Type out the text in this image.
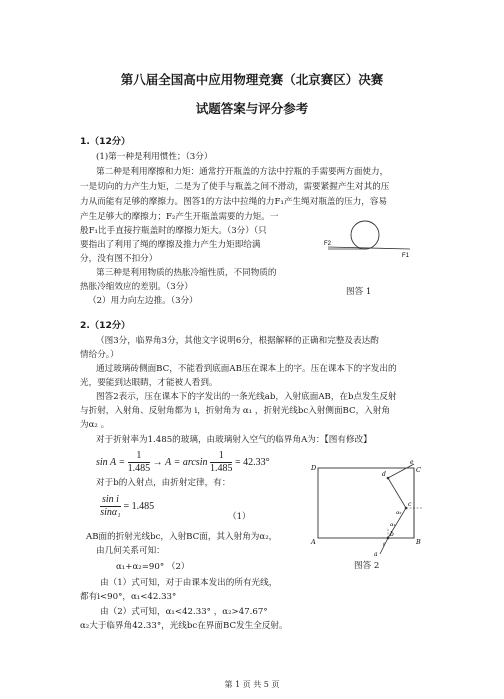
第八届全国高中应用物理竞赛（北京赛区）决赛
试题答案与评分参考
1.（12分）
(1)第一种是利用惯性；（3分）
第二种是利用摩擦和力矩：通常拧开瓶盖的方法中拧瓶的手需要两方面使力，
一是切向的力产生力矩，二是为了使手与瓶盖之间不滑动，需要紧握产生对其的压
力从而能有足够的摩擦力。图答1的方法中拉绳的力F₁产生绳对瓶盖的压力，容易
产生足够大的摩擦力；F₂产生开瓶盖需要的力矩。一
般F₁比手直接拧瓶盖时的摩擦力矩大。（3分）（只
要指出了利用了绳的摩擦及推力产生力矩即给满
分，没有图不扣分）
第三种是利用物质的热胀冷缩性质，不同物质的
热胀冷缩效应的差别。（3分）
（2）用力向左边推。（3分）
F2
F1
图答 1
2.（12分）
（图3分，临界角3分，其他文字说明6分，根据解释的正确和完整及表达酌
情给分。）
通过玻璃砖侧面BC，不能看到底面AB压在课本上的字。压在课本下的字发出的
光，要能到达眼睛，才能被人看到。
图答2表示，压在课本下的字发出的一条光线ab，入射底面AB，在b点发生反射
与折射，入射角、反射角都为 i，折射角为 α₁ ，折射光线bc入射侧面BC，入射角
为α₂ 。
对于折射率为1.485的玻璃，由玻璃射入空气的临界角A为：【图有修改】
$\sin A = \frac{1}{1.485} \to A = \arcsin \frac{1}{1.485} = 42.33^\circ$
对于b的入射点，由折射定律，有：
$\frac{\text{sin i}}{\text{sinα₁}} = 1.485$
（1）
AB面的折射光线bc，入射BC面，其入射角为α₂，
由几何关系可知：
α₁+α₂=90° （2）
由（1）式可知，对于由课本发出的所有光线，
都有i<90°，α₁<42.33°
由（2）式可知，α₁<42.33° ，α₂>47.67°
α₂大于临界角42.33°，光线bc在界面BC发生全反射。
D	C
A	B
a
b
c
d
e
i
α₁
α₂
图答 2
第 1 页 共 5 页
